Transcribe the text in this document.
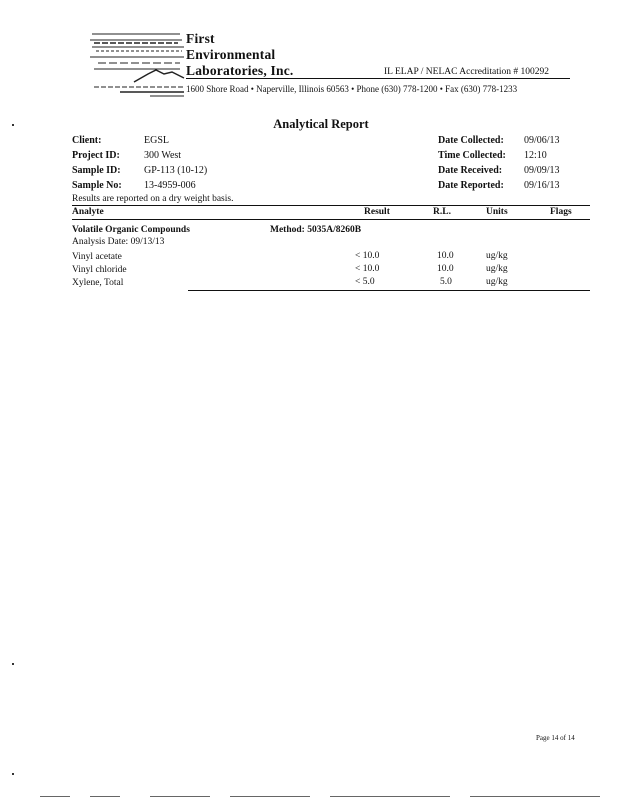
First
Environmental
Laboratories, Inc.	IL ELAP / NELAC Accreditation # 100292
1600 Shore Road • Naperville, Illinois 60563 • Phone (630) 778-1200 • Fax (630) 778-1233
Analytical Report
Client:	EGSL
Project ID: 300 West
Sample ID: GP-113 (10-12)
Sample No: 13-4959-006
Date Collected: 09/06/13
Time Collected: 12:10
Date Received: 09/09/13
Date Reported: 09/16/13
Results are reported on a dry weight basis.
Analyte	Result	R.L.	Units	Flags
Volatile Organic Compounds	Method: 5035A/8260B
Analysis Date: 09/13/13
Vinyl acetate	< 10.0	10.0	ug/kg
Vinyl chloride	< 10.0	10.0	ug/kg
Xylene, Total	< 5.0	5.0	ug/kg
Page 14 of 14
